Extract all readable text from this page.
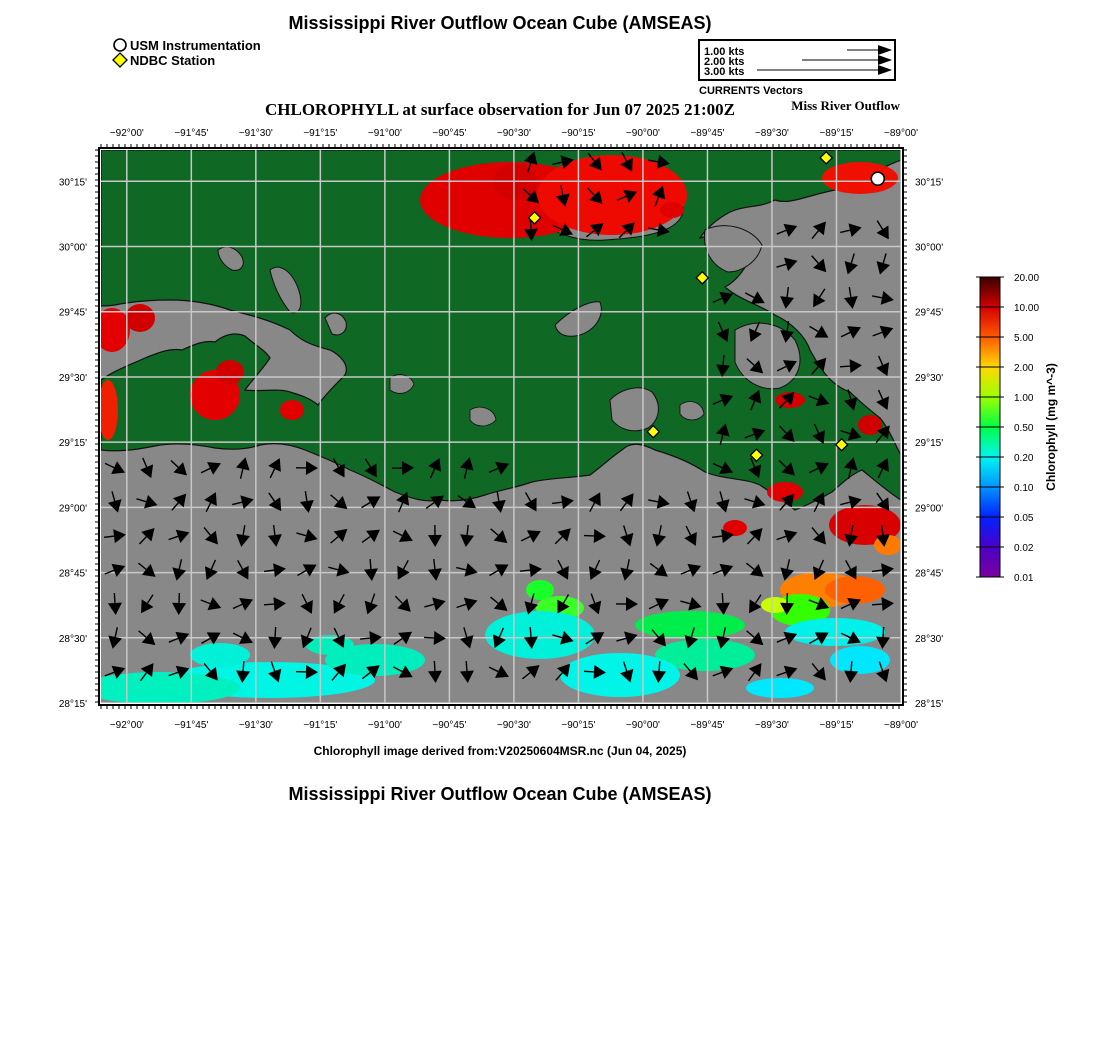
Mississippi River Outflow Ocean Cube (AMSEAS)
CHLOROPHYLL at surface observation for Jun 07 2025 21:00Z	Miss River Outflow
USM Instrumentation
NDBC Station
1.00 kts
2.00 kts
3.00 kts
CURRENTS Vectors
−92°00'
−92°00'
−91°45'
−91°45'
−91°30'
−91°30'
−91°15'
−91°15'
−91°00'
−91°00'
−90°45'
−90°45'
−90°30'
−90°30'
−90°15'
−90°15'
−90°00'
−90°00'
−89°45'
−89°45'
−89°30'
−89°30'
−89°15'
−89°15'
−89°00'
−89°00'
28°15'	28°15'
28°30'	28°30'
28°45'	28°45'
29°00'	29°00'
29°15'	29°15'
29°30'	29°30'
29°45'	29°45'
30°00'	30°00'
30°15'	30°15'
20.00
10.00
5.00
2.00
1.00
0.50
0.20
0.10
0.05
0.02
0.01
Chlorophyll (mg m^-3)
Chlorophyll image derived from:V20250604MSR.nc (Jun 04, 2025)
Mississippi River Outflow Ocean Cube (AMSEAS)
